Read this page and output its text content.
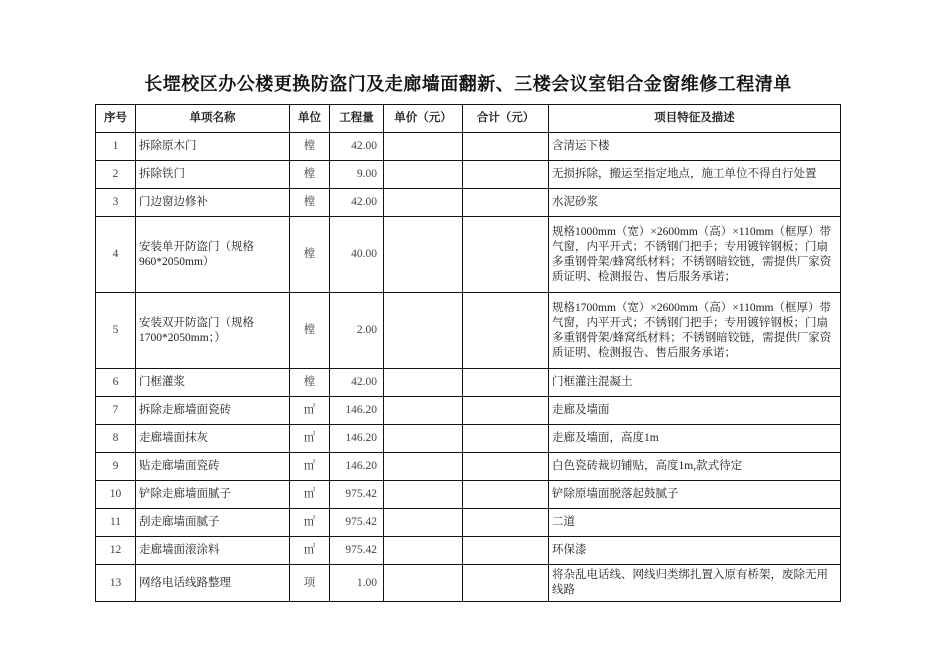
长堽校区办公楼更换防盗门及走廊墙面翻新、三楼会议室铝合金窗维修工程清单
序号	单项名称	单位	工程量	单价（元）	合计（元）	项目特征及描述
1	拆除原木门	樘	42.00			含清运下楼
2	拆除铁门	樘	9.00			无损拆除，搬运至指定地点，施工单位不得自行处置
3	门边窗边修补	樘	42.00			水泥砂浆
4	安装单开防盗门（规格960*2050mm）	樘	40.00			规格1000mm（宽）×2600mm（高）×110mm（框厚）带气窗，内平开式；不锈钢门把手；专用镀锌钢板；门扇多重钢骨架/蜂窝纸材料；不锈钢暗铰链，需提供厂家资质证明、检测报告、售后服务承诺；
5	安装双开防盗门（规格1700*2050mm；）	樘	2.00			规格1700mm（宽）×2600mm（高）×110mm（框厚）带气窗，内平开式；不锈钢门把手；专用镀锌钢板；门扇多重钢骨架/蜂窝纸材料；不锈钢暗铰链，需提供厂家资质证明、检测报告、售后服务承诺；
6	门框灌浆	樘	42.00			门框灌注混凝土
7	拆除走廊墙面瓷砖	㎡	146.20			走廊及墙面
8	走廊墙面抹灰	㎡	146.20			走廊及墙面，高度1m
9	贴走廊墙面瓷砖	㎡	146.20			白色瓷砖裁切铺贴，高度1m,款式待定
10	铲除走廊墙面腻子	㎡	975.42			铲除原墙面脱落起鼓腻子
11	刮走廊墙面腻子	㎡	975.42			二道
12	走廊墙面滚涂料	㎡	975.42			环保漆
13	网络电话线路整理	项	1.00			将杂乱电话线、网线归类绑扎置入原有桥架，废除无用线路
